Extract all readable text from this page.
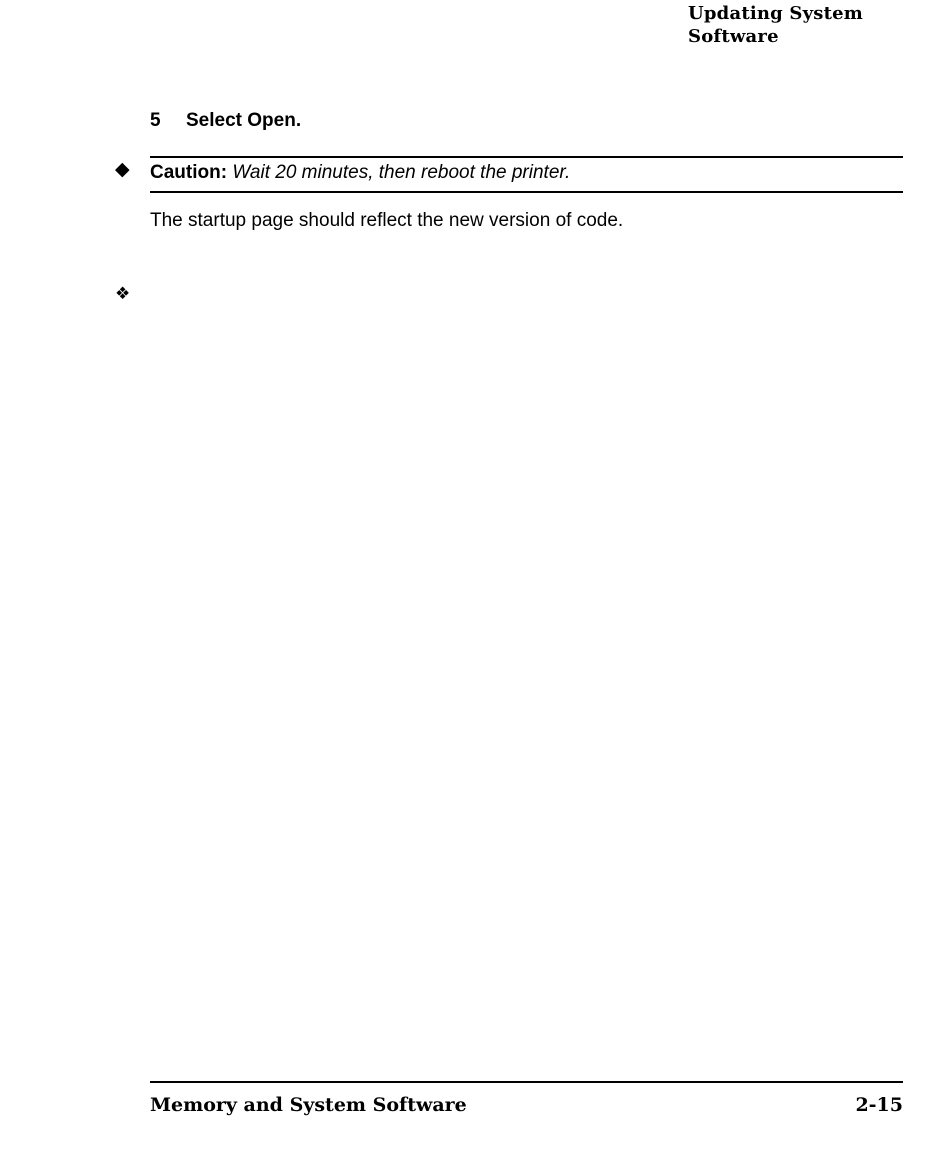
Updating System
Software
5 Select Open.
◆ Caution: Wait 20 minutes, then reboot the printer.
The startup page should reflect the new version of code.
❖
Memory and System Software	2-15
